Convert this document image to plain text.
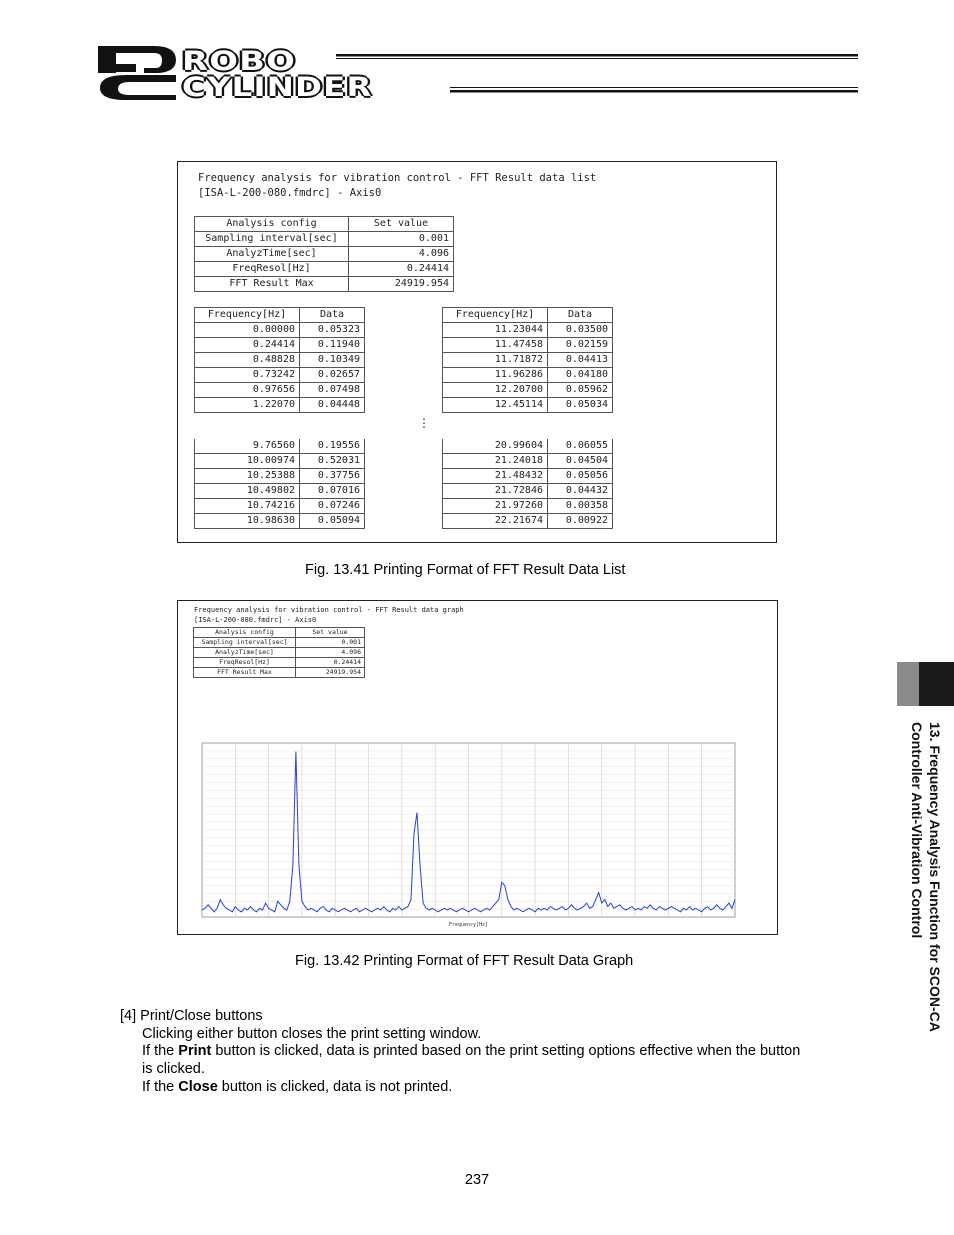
ROBO
CYLINDER
Frequency analysis for vibration control - FFT Result data list
[ISA-L-200-080.fmdrc] - Axis0
Analysis config	Set value
Sampling interval[sec]	0.001
AnalyzTime[sec]	4.096
FreqResol[Hz]	0.24414
FFT Result Max	24919.954
Frequency[Hz]	Data
0.00000	0.05323
0.24414	0.11940
0.48828	0.10349
0.73242	0.02657
0.97656	0.07498
1.22070	0.04448
Frequency[Hz]	Data
11.23044	0.03500
11.47458	0.02159
11.71872	0.04413
11.96286	0.04180
12.20700	0.05962
12.45114	0.05034
⋮
9.76560	0.19556
10.00974	0.52031
10.25388	0.37756
10.49802	0.07016
10.74216	0.07246
10.98630	0.05094
20.99604	0.06055
21.24018	0.04504
21.48432	0.05056
21.72846	0.04432
21.97260	0.00358
22.21674	0.00922
Fig. 13.41 Printing Format of FFT Result Data List
Frequency analysis for vibration control - FFT Result data graph
[ISA-L-200-080.fmdrc] - Axis0
Analysis config	Set value
Sampling interval[sec]	0.001
AnalyzTime[sec]	4.096
FreqResol[Hz]	0.24414
FFT Result Max	24919.954
Frequency[Hz]
Fig. 13.42 Printing Format of FFT Result Data Graph
[4] Print/Close buttons
Clicking either button closes the print setting window.
If the Print button is clicked, data is printed based on the print setting options effective when the button
is clicked.
If the Close button is clicked, data is not printed.
13. Frequency Analysis Function for SCON-CA
Controller Anti-Vibration Control
237
